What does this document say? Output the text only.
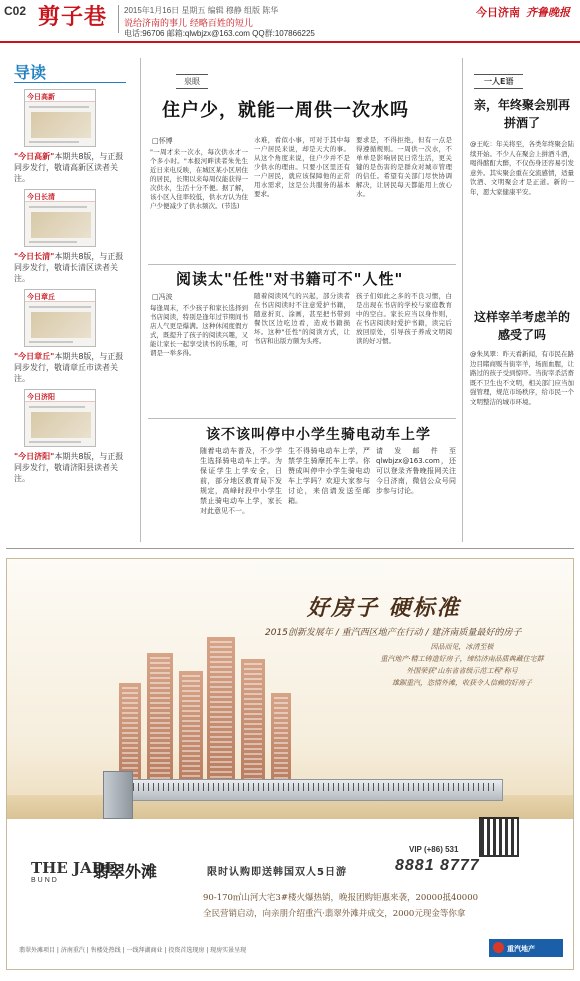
C02 剪子巷 2015年1月16日 星期五 编辑 穆静 组版 陈华
说给济南的事儿 经略百姓的短儿
电话:96706 邮箱:qlwbjzx@163.com QQ群:107866225
今日济南 齐鲁晚报
导读
今日高新
"今日高新"本期共8版，与正报同步发行，敬请高新区读者关注。
今日长清
"今日长清"本期共8版，与正报同步发行，敬请长清区读者关注。
今日章丘
"今日章丘"本期共8版，与正报同步发行，敬请章丘市读者关注。
今日济阳
"今日济阳"本期共8版，与正报同步发行，敬请济阳县读者关注。
泉眼
住户少，就能一周供一次水吗
□怀博
"一周才来一次水，每次供水才一个多小时。"本报河畔读者朱先生近日来电反映，在城区某小区居住的居民，长期以来每周仅能获得一次供水，生活十分不便。据了解，该小区入住率较低，供水方认为住户少便减少了供水频次。(节选)
水难，看似小事，可对于其中每一户居民来说，却是天大的事。从这个角度来说，住户少并不是少供水的理由。只要小区里还有一户居民，就应该保障他的正常用水需求，这是公共服务的基本要求。
要求是，不得拒绝，但有一点是得遵循规则。一周供一次水，不单单是影响居民日常生活，更关键的是伤害的是群众对城市管理的信任。希望有关部门尽快协调解决，让居民每天都能用上放心水。
阅读太"任性"对书籍可不"人性"
□冯波
每逢周末，不少孩子和家长选择到书店阅读，特别是逢年过节期间书店人气更是爆满。这种休闲度假方式，既提升了孩子的阅读兴趣，又能让家长一起享受读书的乐趣，可谓是一举多得。
随着阅读风气的兴起，部分读者在书店阅读时不注意爱护书籍，随意折页、涂画，甚至把书带到餐饮区边吃边看，造成书籍损坏。这种"任性"的阅读方式，让书店和出版方颇为头疼。
孩子们如此之多的不良习惯，白是出现在书店的学校与家庭教育中的空白。家长应当以身作则，在书店阅读时爱护书籍，读完后放回原处，引导孩子养成文明阅读的好习惯。
该不该叫停中小学生骑电动车上学
随着电动车普及，不少学生选择骑电动车上学。为保证学生上学安全，日前，部分地区教育局下发规定，高峰时段中小学生禁止骑电动车上学，家长对此意见不一。
生不得骑电动车上学，严禁学生骑摩托车上学。你赞成叫停中小学生骑电动车上学吗？欢迎大家参与讨论，来信请发送至邮箱。
请发邮件至 qlwbjzx@163.com，还可以登录齐鲁晚报网关注今日济南，微信公众号同步参与讨论。
一人E语
亲，年终聚会别再拼酒了
@王屹：年关将至，各类年终聚会陆续开始。不少人在聚会上拼酒斗酒，喝得酩酊大醉，不仅伤身还容易引发意外。其实聚会重在交流感情，适量饮酒、文明聚会才是正道。新的一年，愿大家健康平安。
这样宰羊考虑羊的感受了吗
@朱凤翠：昨天看新闻，有市民在路边目睹商贩当街宰羊，场面血腥，让路过的孩子受到惊吓。当街宰杀活畜既不卫生也不文明，相关部门应当加强管理，规范市场秩序，给市民一个文明整洁的城市环境。
好房子 硬标准
2015创新发展年 / 重汽西区地产在行动 / 建济南质量最好的房子
因品而见，冰清至极
重汽地产·精工铸造好房子，缔结济南品质典藏住宅群
外围荣获"山东省省级示范工程"称号
雄踞重汽，恣情外滩，收获令人信赖的好房子
THE JADE
BUND	翡翠外滩	限时认购即送韩国双人5日游
VIP (+86) 531
8881 8777
90-170㎡山河大宅3#楼火爆热销，晚报团购钜惠来袭，20000抵40000
全民营销启动，向亲朋介绍重汽·翡翠外滩并成交，2000元现金等你拿
翡翠外滩项目 | 济南重汽 | 售楼处热线 | 一线拜湖商业 | 投资首选现房 | 现房实景呈现	重汽地产
